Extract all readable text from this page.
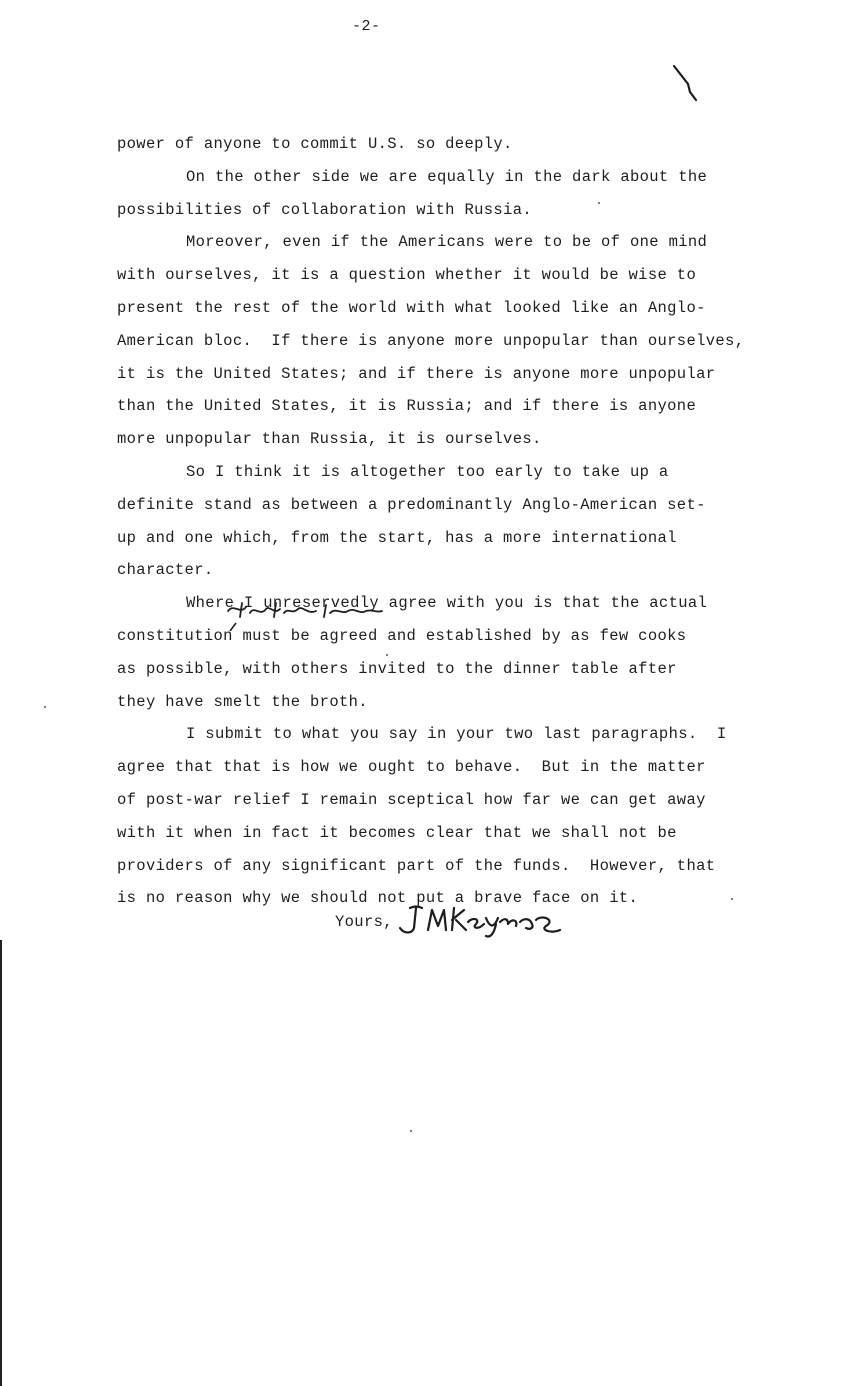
-2-

power of anyone to commit U.S. so deeply.

On the other side we are equally in the dark about the
possibilities of collaboration with Russia.

Moreover, even if the Americans were to be of one mind
with ourselves, it is a question whether it would be wise to
present the rest of the world with what looked like an Anglo-
American bloc.  If there is anyone more unpopular than ourselves,
it is the United States; and if there is anyone more unpopular
than the United States, it is Russia; and if there is anyone
more unpopular than Russia, it is ourselves.

So I think it is altogether too early to take up a
definite stand as between a predominantly Anglo-American set-
up and one which, from the start, has a more international
character.

Where I unreservedly agree with you is that the actual
constitution must be agreed and established by as few cooks
as possible, with others invited to the dinner table after
they have smelt the broth.

I submit to what you say in your two last paragraphs.  I
agree that that is how we ought to behave.  But in the matter
of post-war relief I remain sceptical how far we can get away
with it when in fact it becomes clear that we shall not be
providers of any significant part of the funds.  However, that
is no reason why we should not put a brave face on it.

Yours,
